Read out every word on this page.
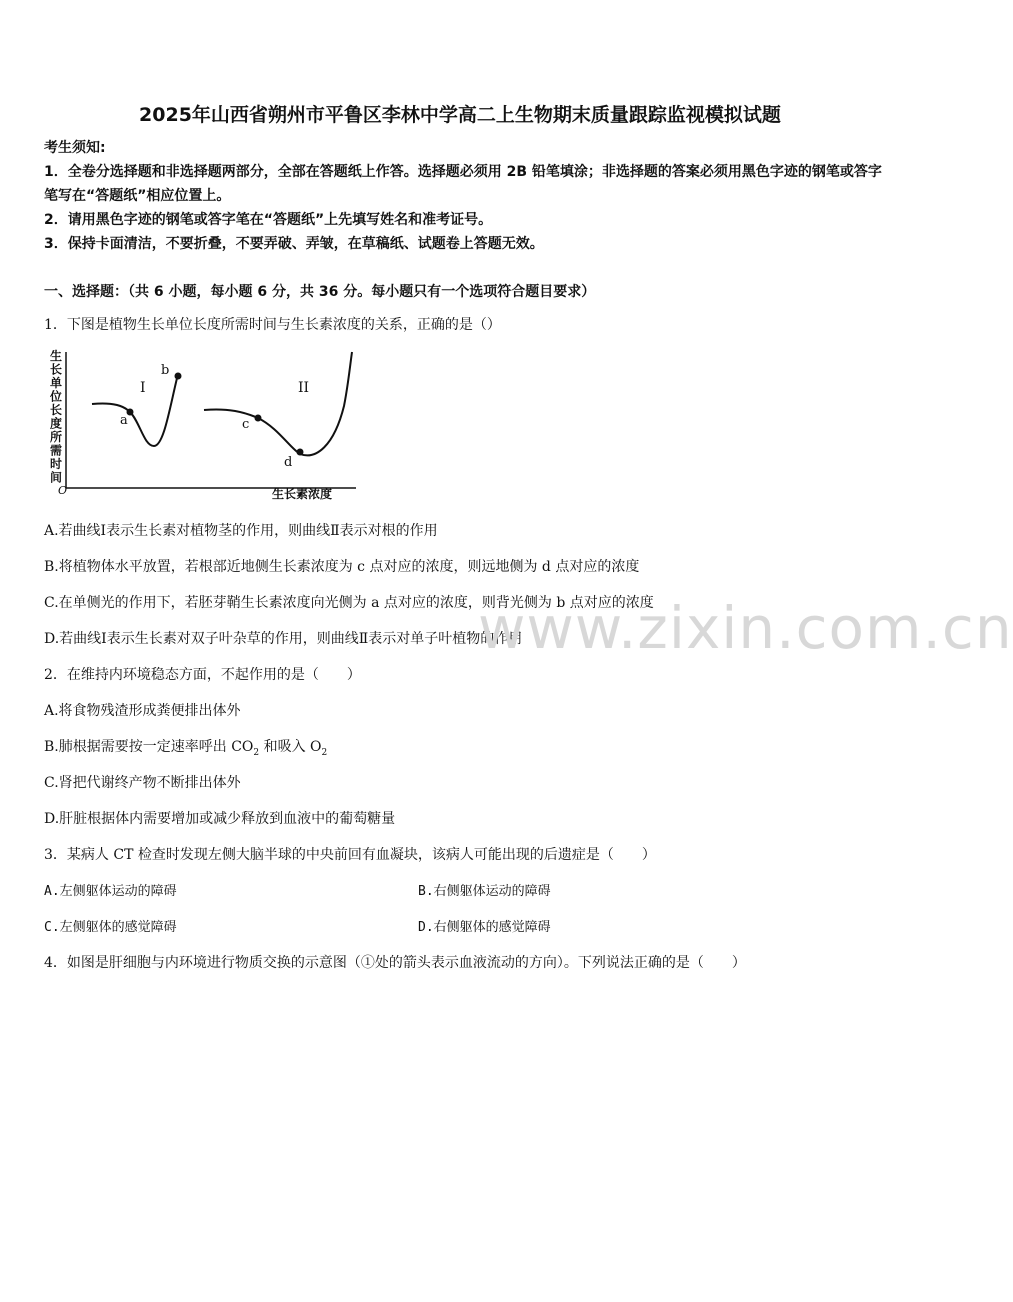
2025年山西省朔州市平鲁区李林中学高二上生物期末质量跟踪监视模拟试题
考生须知:
1．全卷分选择题和非选择题两部分，全部在答题纸上作答。选择题必须用 2B 铅笔填涂；非选择题的答案必须用黑色字迹的钢笔或答字笔写在“答题纸”相应位置上。
2．请用黑色字迹的钢笔或答字笔在“答题纸”上先填写姓名和准考证号。
3．保持卡面清洁，不要折叠，不要弄破、弄皱，在草稿纸、试题卷上答题无效。
一、选择题：（共 6 小题，每小题 6 分，共 36 分。每小题只有一个选项符合题目要求）
1．下图是植物生长单位长度所需时间与生长素浓度的关系，正确的是（）
生长单位长度所需时间
O	生长素浓度
a
b
c
d
I	II
A.若曲线Ⅰ表示生长素对植物茎的作用，则曲线Ⅱ表示对根的作用
B.将植物体水平放置，若根部近地侧生长素浓度为 c 点对应的浓度，则远地侧为 d 点对应的浓度
C.在单侧光的作用下，若胚芽鞘生长素浓度向光侧为 a 点对应的浓度，则背光侧为 b 点对应的浓度
D.若曲线Ⅰ表示生长素对双子叶杂草的作用，则曲线Ⅱ表示对单子叶植物的作用
www.zixin.com.cn
2．在维持内环境稳态方面，不起作用的是（　　）
A.将食物残渣形成粪便排出体外
B.肺根据需要按一定速率呼出 $CO_2$ 和吸入 $O_2$
C.肾把代谢终产物不断排出体外
D.肝脏根据体内需要增加或减少释放到血液中的葡萄糖量
3．某病人 CT 检查时发现左侧大脑半球的中央前回有血凝块，该病人可能出现的后遗症是（　　）
A.左侧躯体运动的障碍	B.右侧躯体运动的障碍
C.左侧躯体的感觉障碍	D.右侧躯体的感觉障碍
4．如图是肝细胞与内环境进行物质交换的示意图（①处的箭头表示血液流动的方向）。下列说法正确的是（　　）
